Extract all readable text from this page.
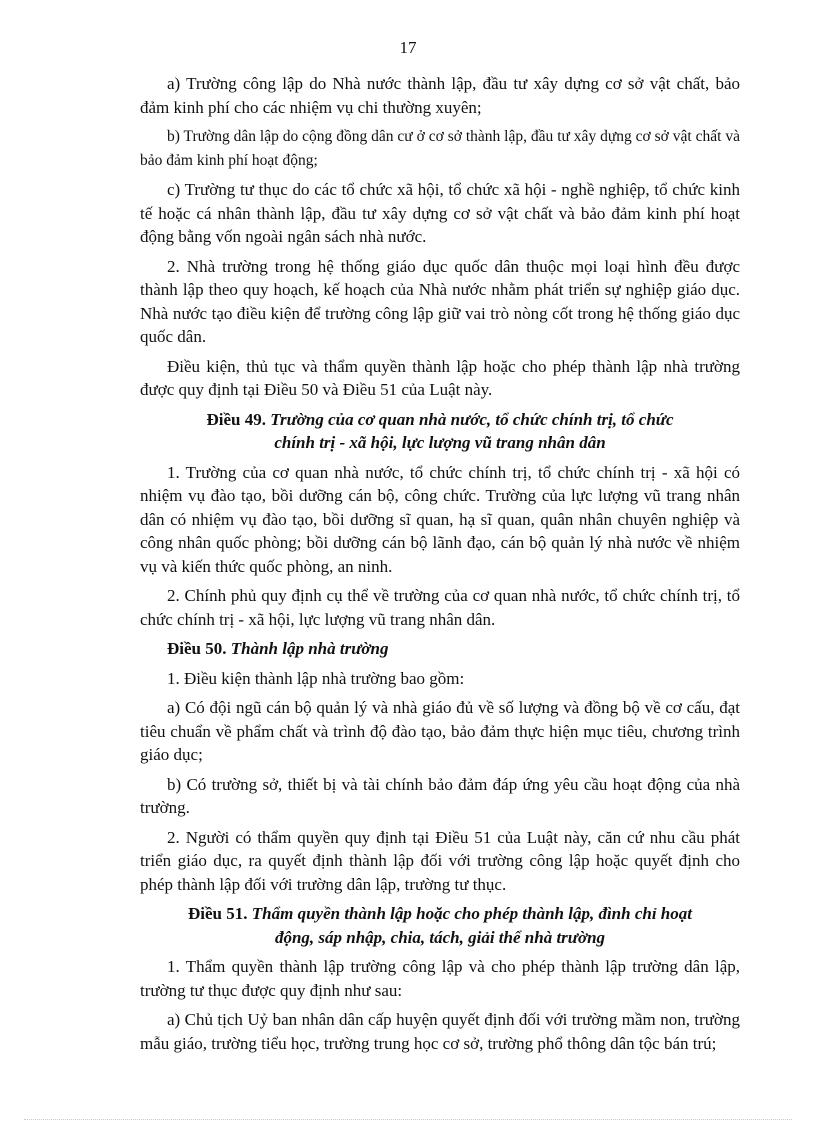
17

a) Trường công lập do Nhà nước thành lập, đầu tư xây dựng cơ sở vật chất, bảo đảm kinh phí cho các nhiệm vụ chi thường xuyên;

b) Trường dân lập do cộng đồng dân cư ở cơ sở thành lập, đầu tư xây dựng cơ sở vật chất và bảo đảm kinh phí hoạt động;

c) Trường tư thục do các tổ chức xã hội, tổ chức xã hội - nghề nghiệp, tổ chức kinh tế hoặc cá nhân thành lập, đầu tư xây dựng cơ sở vật chất và bảo đảm kinh phí hoạt động bằng vốn ngoài ngân sách nhà nước.

2. Nhà trường trong hệ thống giáo dục quốc dân thuộc mọi loại hình đều được thành lập theo quy hoạch, kế hoạch của Nhà nước nhằm phát triển sự nghiệp giáo dục. Nhà nước tạo điều kiện để trường công lập giữ vai trò nòng cốt trong hệ thống giáo dục quốc dân.

Điều kiện, thủ tục và thẩm quyền thành lập hoặc cho phép thành lập nhà trường được quy định tại Điều 50 và Điều 51 của Luật này.

Điều 49. Trường của cơ quan nhà nước, tổ chức chính trị, tổ chức
chính trị - xã hội, lực lượng vũ trang nhân dân

1. Trường của cơ quan nhà nước, tổ chức chính trị, tổ chức chính trị - xã hội có nhiệm vụ đào tạo, bồi dưỡng cán bộ, công chức. Trường của lực lượng vũ trang nhân dân có nhiệm vụ đào tạo, bồi dưỡng sĩ quan, hạ sĩ quan, quân nhân chuyên nghiệp và công nhân quốc phòng; bồi dưỡng cán bộ lãnh đạo, cán bộ quản lý nhà nước về nhiệm vụ và kiến thức quốc phòng, an ninh.

2. Chính phủ quy định cụ thể về trường của cơ quan nhà nước, tổ chức chính trị, tổ chức chính trị - xã hội, lực lượng vũ trang nhân dân.

Điều 50. Thành lập nhà trường

1. Điều kiện thành lập nhà trường bao gồm:

a) Có đội ngũ cán bộ quản lý và nhà giáo đủ về số lượng và đồng bộ về cơ cấu, đạt tiêu chuẩn về phẩm chất và trình độ đào tạo, bảo đảm thực hiện mục tiêu, chương trình giáo dục;

b) Có trường sở, thiết bị và tài chính bảo đảm đáp ứng yêu cầu hoạt động của nhà trường.

2. Người có thẩm quyền quy định tại Điều 51 của Luật này, căn cứ nhu cầu phát triển giáo dục, ra quyết định thành lập đối với trường công lập hoặc quyết định cho phép thành lập đối với trường dân lập, trường tư thục.

Điều 51. Thẩm quyền thành lập hoặc cho phép thành lập, đình chỉ hoạt
động, sáp nhập, chia, tách, giải thể nhà trường

1. Thẩm quyền thành lập trường công lập và cho phép thành lập trường dân lập, trường tư thục được quy định như sau:

a) Chủ tịch Uỷ ban nhân dân cấp huyện quyết định đối với trường mầm non, trường mẫu giáo, trường tiểu học, trường trung học cơ sở, trường phổ thông dân tộc bán trú;
